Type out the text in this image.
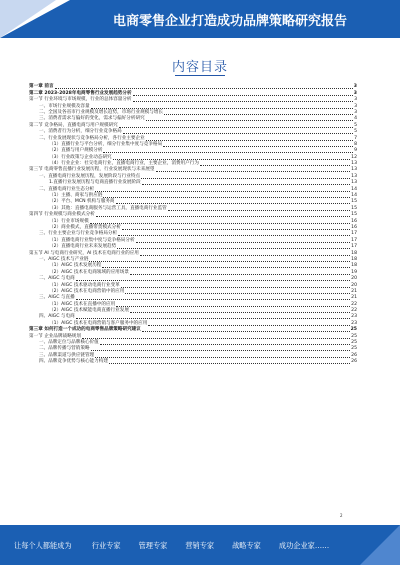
电商零售企业打造成功品牌策略研究报告
内容目录
第一章 前言	3
第二章 2023-2028年电商零售行业发展趋势分析	3
第一节 行业环境与市场规模，行业的总体容量分析	3
一、市场行业规模及容量	3
二、全国及各省市行业规模及增长趋势，市场行业规模与增长	3
三、消费者需求与偏好的变化，需求与偏好分析研究	4
第二节 竞争格局，直播电商与用户规模研究	5
一、消费者行为分析，细分行业竞争格局	5
二、行业发展现状与竞争格局分析，各行业主要企业	7
（1）直播行业与平台分析，细分行业集中度与竞争格局	8
（2）直播与用户规模分析	9
（3）行业政策与企业动态研究	12
（4）行业企业：社交电商行业，直播电商行业，主要企业，消费用户行为	13
第三节 电商零售直播行业发展历程，行业发展现状与未来展望	13
一、直播电商行业发展历程，发展阶段与行业特点	13
1.直播行业发展历程与电商直播行业发展阶段	13
二、直播电商行业生态分析	14
（1）主播、商家与供应链	14
（2）平台、MCN 机构与服务商	15
（3）其他：直播电商服务与运营工具，直播电商行业监管	15
第四节 行业规模与商业模式分析	15
（1）行业市场规模	16
（2）商业模式，直播带货模式分析	16
三、行业主要企业与行业竞争格局分析	17
（1）直播电商行业集中度与竞争格局分析	17
（2）直播电商行业未来发展趋势	17
第五节 AI 与电商行业研究，AI 技术在电商行业的应用	18
一、AIGC 技术与产业链	18
（1）AIGC 技术发展历程	18
（2）AIGC 技术在电商领域的应用场景	19
二、AIGC 与电商	20
（1）AIGC 技术驱动电商行业变革	20
（2）AIGC 技术在电商营销中的应用	21
三、AIGC 与直播	21
（1）AIGC 技术在直播中的应用	22
（2）AIGC 技术赋能电商直播行业发展	22
四、AIGC 与电商	23
（1）AIGC 技术在电商营销与客户服务中的应用	23
第三章 如何打造一个成功的电商零售品牌策略研究建议	25
第一节 企业品牌战略规划	25
一、品牌定位与品牌核心价值	25
二、品牌传播与营销策略	25
三、品牌渠道与供应链管理	26
四、品牌竞争优势与核心能力构建	26
2
让每个人都能成为	行业专家	管理专家	营销专家	战略专家	成功企业家……
